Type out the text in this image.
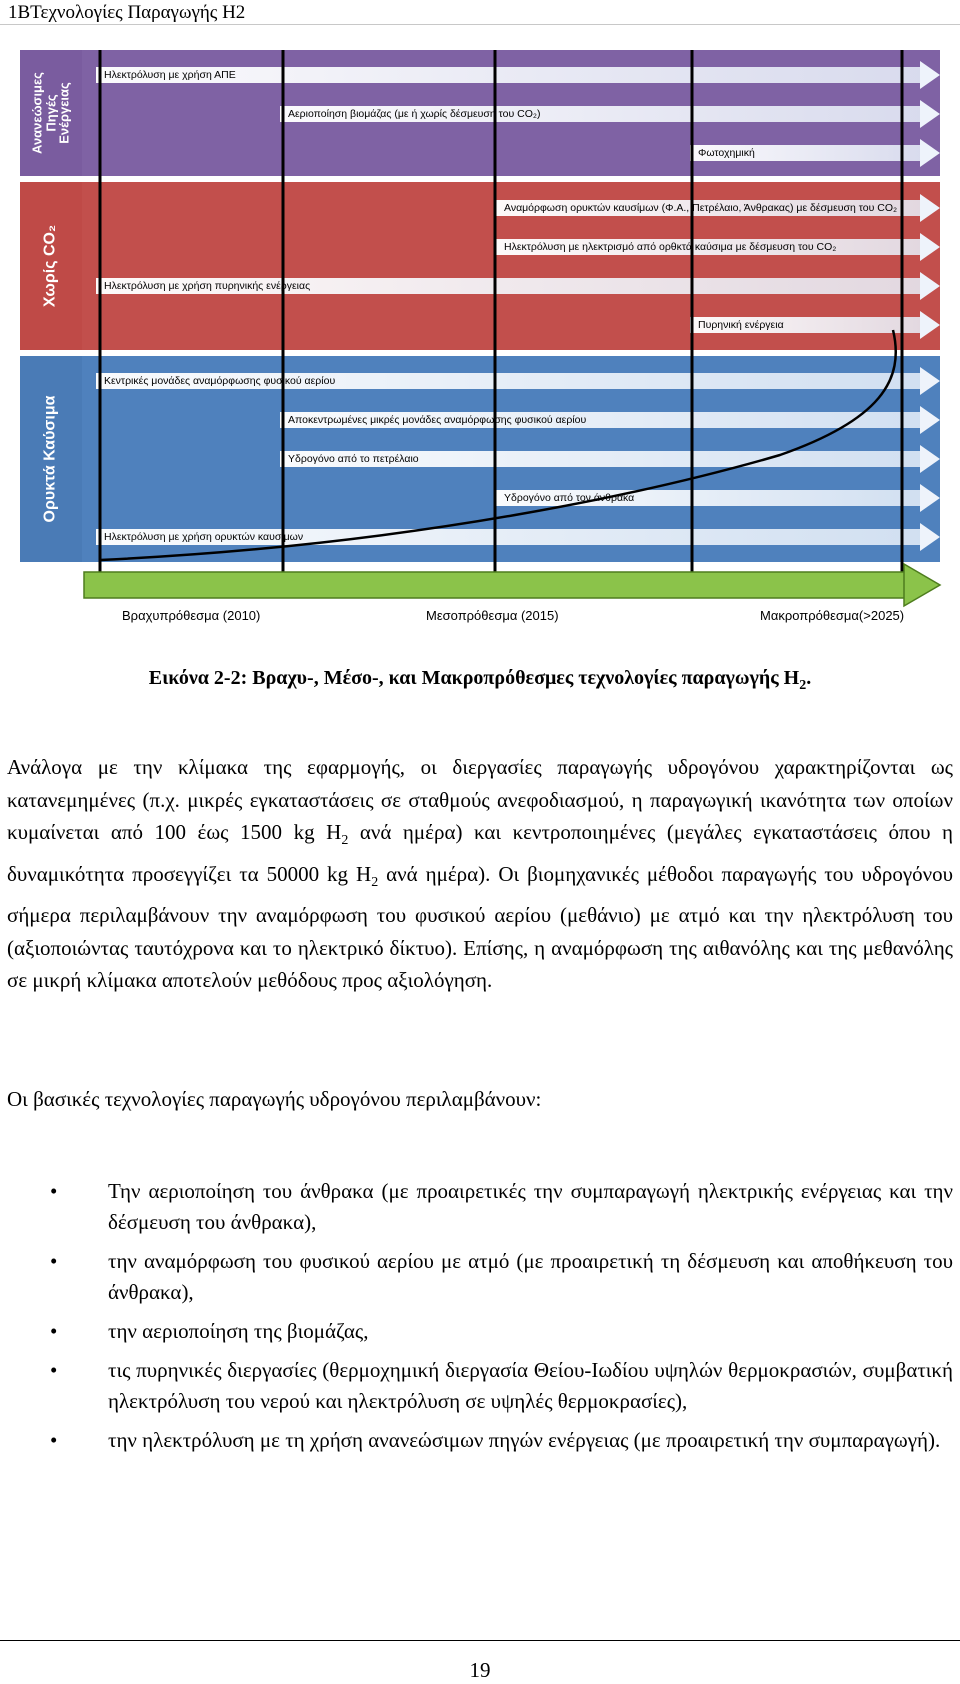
1ΒΤεχνολογίες Παραγωγής Η2
Ανανεώσιμες
Πηγές
Ενέργειας
Ηλεκτρόλυση με χρήση ΑΠΕ
Αεριοποίηση βιομάζας (με ή χωρίς δέσμευση του CO₂)
Φωτοχημική
Χωρίς CO₂
Αναμόρφωση ορυκτών καυσίμων (Φ.Α., Πετρέλαιο, Άνθρακας) με δέσμευση του CO₂
Ηλεκτρόλυση με ηλεκτρισμό από ορθκτά καύσιμα με δέσμευση του CO₂
Ηλεκτρόλυση με χρήση πυρηνικής ενέργειας
Πυρηνική ενέργεια
Ορυκτά Καύσιμα
Κεντρικές μονάδες αναμόρφωσης φυσικού αερίου
Αποκεντρωμένες μικρές μονάδες αναμόρφωσης φυσικού αερίου
Υδρογόνο από το πετρέλαιο
Υδρογόνο από τον άνθρακα
Ηλεκτρόλυση με χρήση ορυκτών καυσίμων
Βραχυπρόθεσμα (2010)	Μεσοπρόθεσμα (2015)	Μακροπρόθεσμα(>2025)
Εικόνα 2-2: Βραχυ-, Μέσο-, και Μακροπρόθεσμες τεχνολογίες παραγωγής $H_2$.
Ανάλογα με την κλίμακα της εφαρμογής, οι διεργασίες παραγωγής υδρογόνου χαρακτηρίζονται ως κατανεμημένες (π.χ. μικρές εγκαταστάσεις σε σταθμούς ανεφοδιασμού, η παραγωγική ικανότητα των οποίων κυμαίνεται από 100 έως 1500 kg $H_2$ ανά ημέρα) και κεντροποιημένες (μεγάλες εγκαταστάσεις όπου η δυναμικότητα προσεγγίζει τα 50000 kg $H_2$ ανά ημέρα). Οι βιομηχανικές μέθοδοι παραγωγής του υδρογόνου σήμερα περιλαμβάνουν την αναμόρφωση του φυσικού αερίου (μεθάνιο) με ατμό και την ηλεκτρόλυση του (αξιοποιώντας ταυτόχρονα και το ηλεκτρικό δίκτυο). Επίσης, η αναμόρφωση της αιθανόλης και της μεθανόλης σε μικρή κλίμακα αποτελούν μεθόδους προς αξιολόγηση.
Οι βασικές τεχνολογίες παραγωγής υδρογόνου περιλαμβάνουν:
• Την αεριοποίηση του άνθρακα (με προαιρετικές την συμπαραγωγή ηλεκτρικής ενέργειας και την δέσμευση του άνθρακα),
• την αναμόρφωση του φυσικού αερίου με ατμό (με προαιρετική τη δέσμευση και αποθήκευση του άνθρακα),
• την αεριοποίηση της βιομάζας,
• τις πυρηνικές διεργασίες (θερμοχημική διεργασία Θείου-Ιωδίου υψηλών θερμοκρασιών, συμβατική ηλεκτρόλυση του νερού και ηλεκτρόλυση σε υψηλές θερμοκρασίες),
• την ηλεκτρόλυση με τη χρήση ανανεώσιμων πηγών ενέργειας (με προαιρετική την συμπαραγωγή).
19
